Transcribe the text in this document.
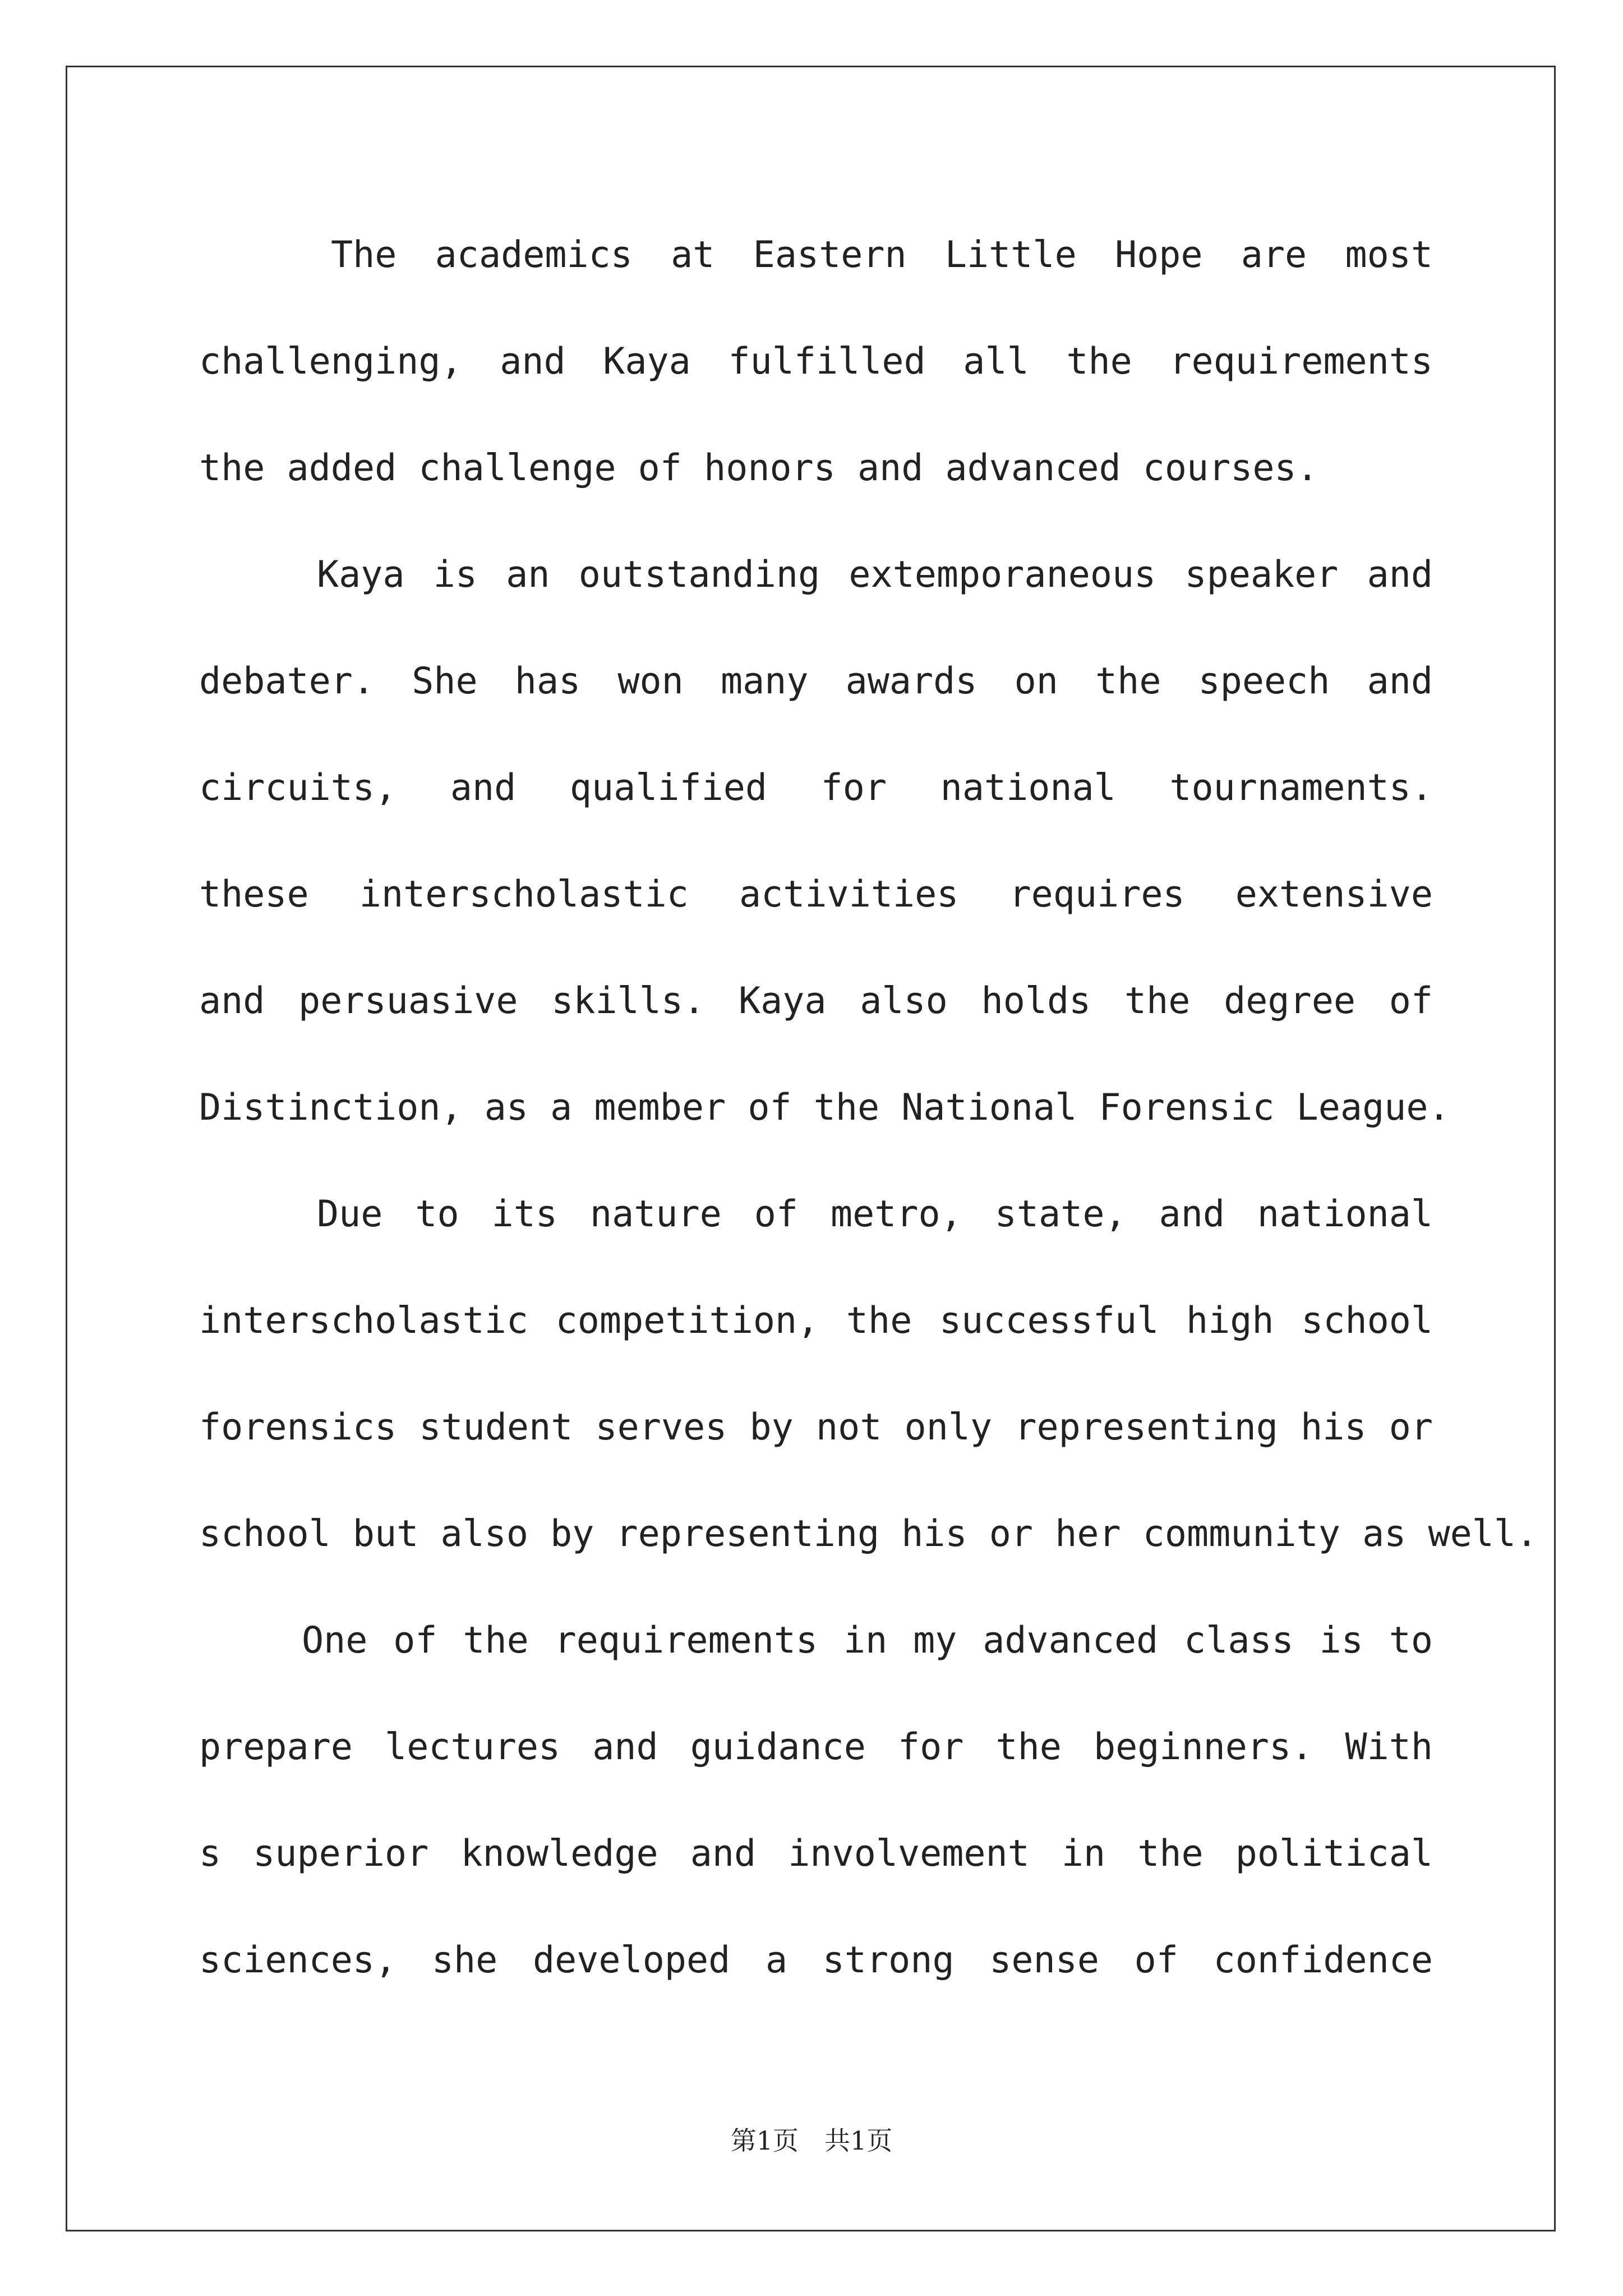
The academics at Eastern Little Hope are most
challenging, and Kaya fulfilled all the requirements
the added challenge of honors and advanced courses.
Kaya is an outstanding extemporaneous speaker and
debater. She has won many awards on the speech and
circuits, and qualified for national tournaments.
these interscholastic activities requires extensive
and persuasive skills. Kaya also holds the degree of
Distinction, as a member of the National Forensic League.
Due to its nature of metro, state, and national
interscholastic competition, the successful high school
forensics student serves by not only representing his or
school but also by representing his or her community as well.
One of the requirements in my advanced class is to
prepare lectures and guidance for the beginners. With
s superior knowledge and involvement in the political
sciences, she developed a strong sense of confidence
第1页　共1页
